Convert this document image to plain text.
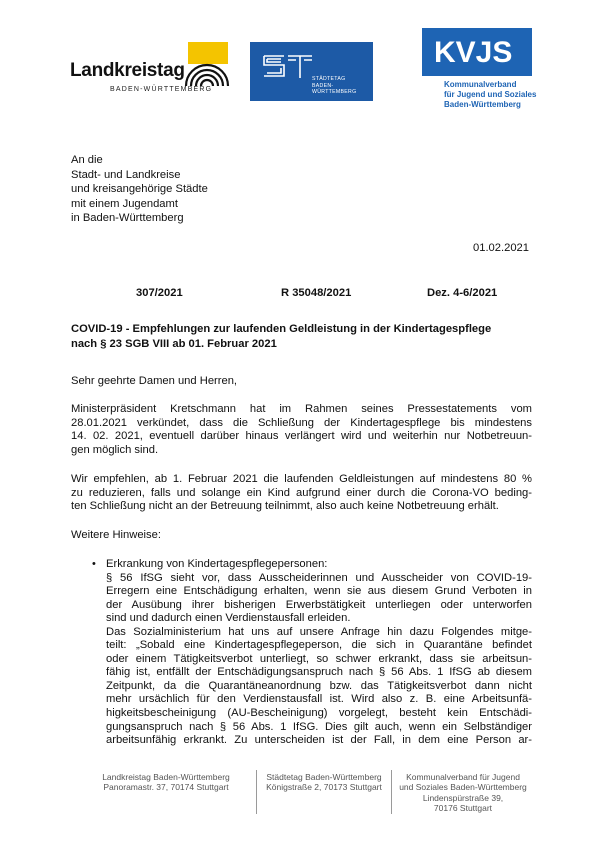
Landkreistag
BADEN-WÜRTTEMBERG
STÄDTETAG
BADEN-WÜRTTEMBERG
KVJS
Kommunalverband
für Jugend und Soziales
Baden-Württemberg
An die
Stadt- und Landkreise
und kreisangehörige Städte
mit einem Jugendamt
in Baden-Württemberg
01.02.2021
307/2021	R 35048/2021	Dez. 4-6/2021
COVID-19 - Empfehlungen zur laufenden Geldleistung in der Kindertagespflege
nach § 23 SGB VIII ab 01. Februar 2021
Sehr geehrte Damen und Herren,
Ministerpräsident Kretschmann hat im Rahmen seines Pressestatements vom
28.01.2021 verkündet, dass die Schließung der Kindertagespflege bis mindestens
14. 02. 2021, eventuell darüber hinaus verlängert wird und weiterhin nur Notbetreuun-
gen möglich sind.
Wir empfehlen, ab 1. Februar 2021 die laufenden Geldleistungen auf mindestens 80 %
zu reduzieren, falls und solange ein Kind aufgrund einer durch die Corona-VO beding-
ten Schließung nicht an der Betreuung teilnimmt, also auch keine Notbetreuung erhält.
Weitere Hinweise:
• Erkrankung von Kindertagespflegepersonen:
§ 56 IfSG sieht vor, dass Ausscheiderinnen und Ausscheider von COVID-19-
Erregern eine Entschädigung erhalten, wenn sie aus diesem Grund Verboten in
der Ausübung ihrer bisherigen Erwerbstätigkeit unterliegen oder unterworfen
sind und dadurch einen Verdienstausfall erleiden.
Das Sozialministerium hat uns auf unsere Anfrage hin dazu Folgendes mitge-
teilt: „Sobald eine Kindertagespflegeperson, die sich in Quarantäne befindet
oder einem Tätigkeitsverbot unterliegt, so schwer erkrankt, dass sie arbeitsun-
fähig ist, entfällt der Entschädigungsanspruch nach § 56 Abs. 1 IfSG ab diesem
Zeitpunkt, da die Quarantäneanordnung bzw. das Tätigkeitsverbot dann nicht
mehr ursächlich für den Verdienstausfall ist. Wird also z. B. eine Arbeitsunfä-
higkeitsbescheinigung (AU-Bescheinigung) vorgelegt, besteht kein Entschädi-
gungsanspruch nach § 56 Abs. 1 IfSG. Dies gilt auch, wenn ein Selbständiger
arbeitsunfähig erkrankt. Zu unterscheiden ist der Fall, in dem eine Person ar-
Landkreistag Baden-Württemberg
Panoramastr. 37, 70174 Stuttgart
Städtetag Baden-Württemberg
Königstraße 2, 70173 Stuttgart
Kommunalverband für Jugend
und Soziales Baden-Württemberg
Lindenspürstraße 39,
70176 Stuttgart
